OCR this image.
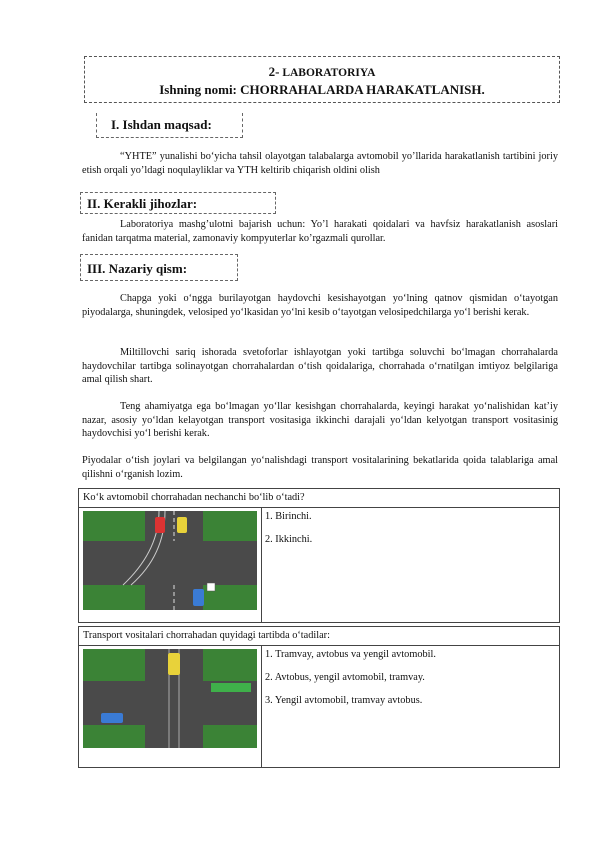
2- LABORATORIYA
Ishning nomi: CHORRAHALARDA HARAKATLANISH.
I. Ishdan maqsad:
“YHTE” yunalishi bo‘yicha tahsil olayotgan talabalarga avtomobil yo’llarida harakatlanish tartibini joriy etish orqali yo’ldagi noqulayliklar va YTH keltirib chiqarish oldini olish
II. Kerakli jihozlar:
Laboratoriya mashg’ulotni bajarish uchun: Yo’l harakati qoidalari va havfsiz harakatlanish asoslari fanidan tarqatma material, zamonaviy kompyuterlar ko’rgazmali qurollar.
III. Nazariy qism:
Chapga yoki o‘ngga burilayotgan haydovchi kesishayotgan yo‘lning qatnov qismidan o‘tayotgan piyodalarga, shuningdek, velosiped yo‘lkasidan yo‘lni kesib o‘tayotgan velosipedchilarga yo‘l berishi kerak.
Miltillovchi sariq ishorada svetoforlar ishlayotgan yoki tartibga soluvchi bo‘lmagan chorrahalarda haydovchilar tartibga solinayotgan chorrahalardan o‘tish qoidalariga, chorrahada o‘rnatilgan imtiyoz belgilariga amal qilish shart.
Teng ahamiyatga ega bo‘lmagan yo‘llar kesishgan chorrahalarda, keyingi harakat yo‘nalishidan kat’iy nazar, asosiy yo‘ldan kelayotgan transport vositasiga ikkinchi darajali yo‘ldan kelyotgan transport vositasinig haydovchisi yo‘l berishi kerak.
Piyodalar o‘tish joylari va belgilangan yo‘nalishdagi transport vositalarining bekatlarida qoida talablariga amal qilishni o‘rganish lozim.
Ko‘k avtomobil chorrahadan nechanchi bo‘lib o‘tadi?

1. Birinchi.
2. Ikkinchi.
Transport vositalari chorrahadan quyidagi tartibda o‘tadilar:

1. Tramvay, avtobus va yengil avtomobil.
2. Avtobus, yengil avtomobil, tramvay.
3. Yengil avtomobil, tramvay avtobus.
